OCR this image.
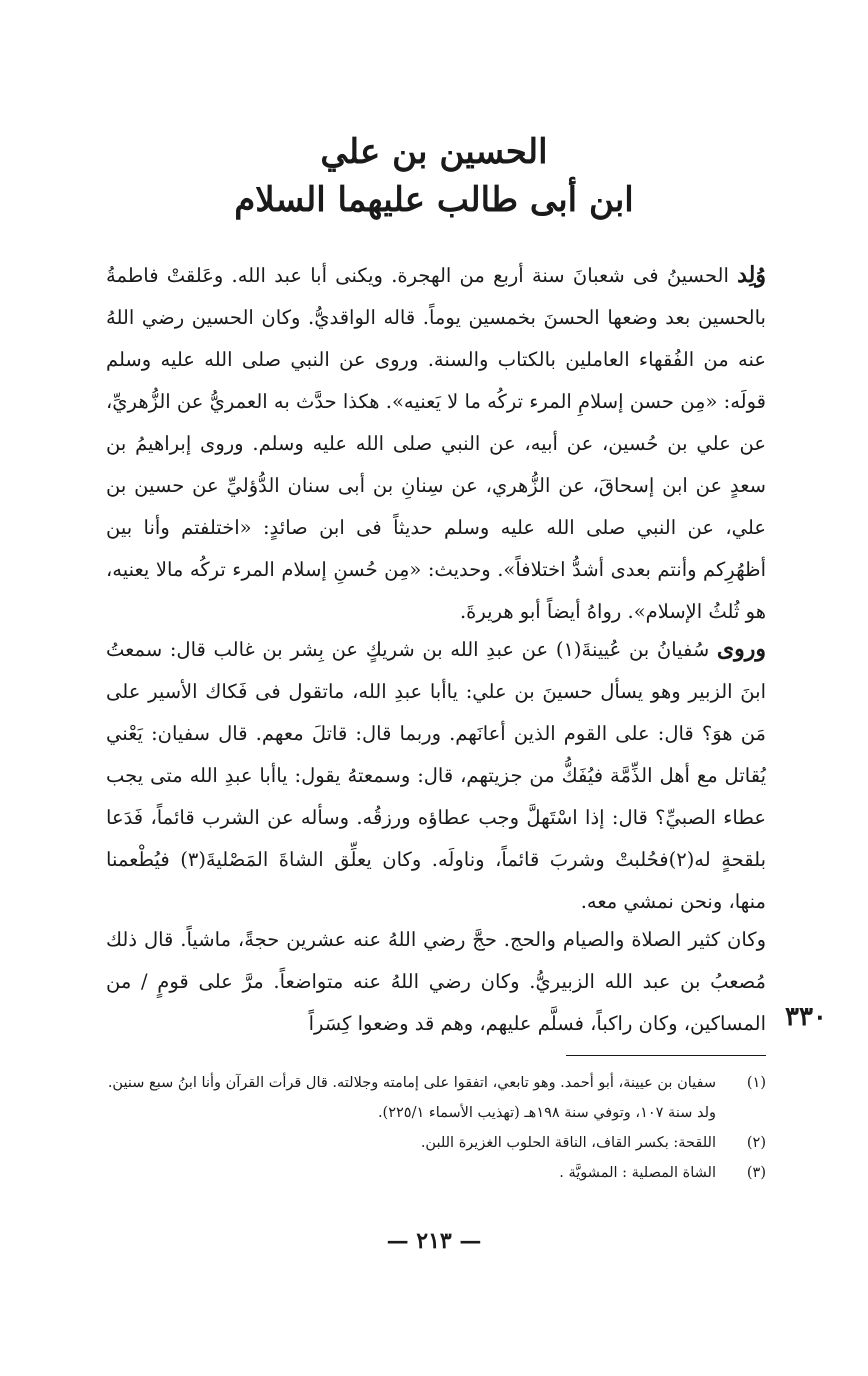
الحسين بن علي

ابن أبى طالب عليهما السلام

وُلِد الحسينُ فى شعبانَ سنة أربع من الهجرة. ويكنى أبا عبد الله. وعَلقتْ فاطمةُ بالحسين بعد وضعها الحسنَ بخمسين يوماً. قاله الواقديُّ. وكان الحسين رضي اللهُ عنه من الفُقهاء العاملين بالكتاب والسنة. وروى عن النبي صلى الله عليه وسلم قولَه: «مِن حسن إسلامِ المرء تركُه ما لا يَعنيه». هكذا حدَّث به العمريُّ عن الزُّهريِّ، عن علي بن حُسين، عن أبيه، عن النبي صلى الله عليه وسلم. وروى إبراهيمُ بن سعدٍ عن ابن إسحاقَ، عن الزُّهري، عن سِنانِ بن أبى سنان الدُّؤليِّ عن حسين بن علي، عن النبي صلى الله عليه وسلم حديثاً فى ابن صائدٍ: «اختلفتم وأنا بين أظهُرِكم وأنتم بعدى أشدُّ اختلافاً». وحديث: «مِن حُسنِ إسلام المرء تركُه مالا يعنيه، هو ثُلثُ الإسلام». رواهُ أيضاً أبو هريرةَ.

وروى سُفيانُ بن عُيينةَ(١) عن عبدِ الله بن شريكٍ عن بِشر بن غالب قال: سمعتُ ابنَ الزبير وهو يسأل حسينَ بن علي: ياأبا عبدِ الله، ماتقول فى فَكاك الأسير على مَن هوَ؟ قال: على القوم الذين أعانَهم. وربما قال: قاتلَ معهم. قال سفيان: يَعْني يُقاتل مع أهل الذِّمَّة فيُفَكُّ من جزيتهم، قال: وسمعتهُ يقول: ياأبا عبدِ الله متى يجب عطاء الصبيِّ؟ قال: إذا اسْتَهلَّ وجب عطاؤه ورزقُه. وسأله عن الشرب قائماً، فَدَعا بلقحةٍ له(٢)فحُلبتْ وشربَ قائماً، وناولَه. وكان يعلِّق الشاةَ المَصْليةَ(٣) فيُطْعمنا منها، ونحن نمشي معه.

وكان كثير الصلاة والصيام والحج. حجَّ رضي اللهُ عنه عشرين حجةً، ماشياً. قال ذلك مُصعبُ بن عبد الله الزبيريُّ. وكان رضي اللهُ عنه متواضعاً. مرَّ على قومٍ / من المساكين، وكان راكباً، فسلَّم عليهم، وهم قد وضعوا كِسَراً ٣٣٠
(١)
سفيان بن عيينة، أبو أحمد. وهو تابعي، اتفقوا على إمامته وجلالته. قال قرأت القرآن وأنا ابنُ سبع سنين. ولد سنة ١٠٧، وتوفي سنة ١٩٨هـ (تهذيب الأسماء ٢٢٥/١).
(٢)
اللقحة: بكسر القاف، الناقة الحلوب الغزيرة اللبن.
(٣)
الشاة المصلية : المشويَّة .
— ٢١٣ —
